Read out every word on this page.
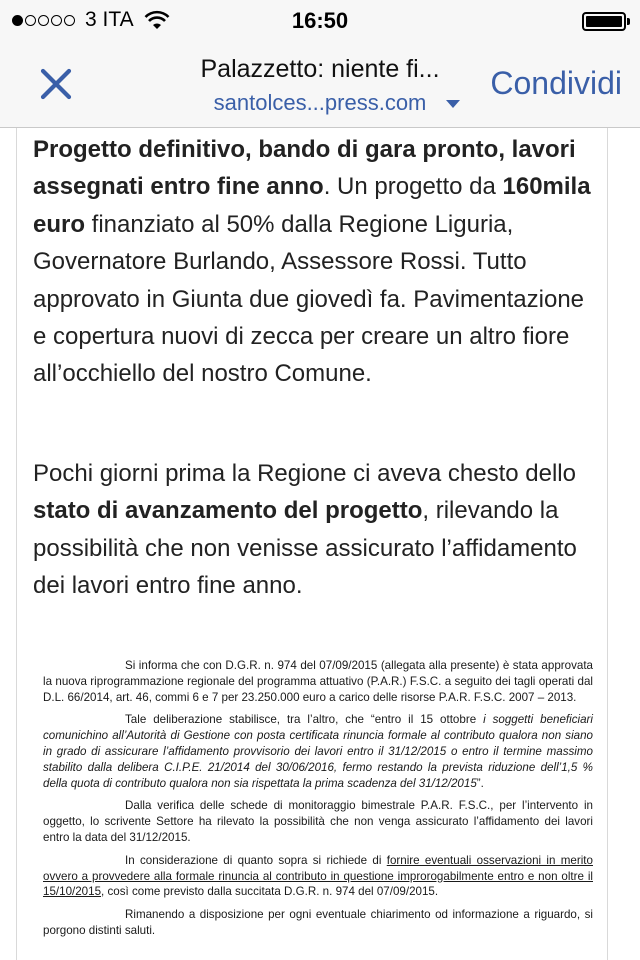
3 ITA	16:50
Palazzetto: niente fi...
santolces...press.com
Condividi
Progetto definitivo, bando di gara pronto, lavori assegnati entro fine anno. Un progetto da 160mila euro finanziato al 50% dalla Regione Liguria, Governatore Burlando, Assessore Rossi. Tutto approvato in Giunta due giovedì fa. Pavimentazione e copertura nuovi di zecca per creare un altro fiore all’occhiello del nostro Comune.
Pochi giorni prima la Regione ci aveva chesto dello stato di avanzamento del progetto, rilevando la possibilità che non venisse assicurato l’affidamento dei lavori entro fine anno.

Si informa che con D.G.R. n. 974 del 07/09/2015 (allegata alla presente) è stata approvata la nuova riprogrammazione regionale del programma attuativo (P.A.R.) F.S.C. a seguito dei tagli operati dal D.L. 66/2014, art. 46, commi 6 e 7 per 23.250.000 euro a carico delle risorse P.A.R. F.S.C. 2007 – 2013.

Tale deliberazione stabilisce, tra l’altro, che “entro il 15 ottobre i soggetti beneficiari comunichino all’Autorità di Gestione con posta certificata rinuncia formale al contributo qualora non siano in grado di assicurare l’affidamento provvisorio dei lavori entro il 31/12/2015 o entro il termine massimo stabilito dalla delibera C.I.P.E. 21/2014 del 30/06/2016, fermo restando la prevista riduzione dell’1,5 % della quota di contributo qualora non sia rispettata la prima scadenza del 31/12/2015”.

Dalla verifica delle schede di monitoraggio bimestrale P.A.R. F.S.C., per l’intervento in oggetto, lo scrivente Settore ha rilevato la possibilità che non venga assicurato l’affidamento dei lavori entro la data del 31/12/2015.

In considerazione di quanto sopra si richiede di fornire eventuali osservazioni in merito ovvero a provvedere alla formale rinuncia al contributo in questione improrogabilmente entro e non oltre il 15/10/2015, così come previsto dalla succitata D.G.R. n. 974 del 07/09/2015.

Rimanendo a disposizione per ogni eventuale chiarimento od informazione a riguardo, si porgono distinti saluti.
